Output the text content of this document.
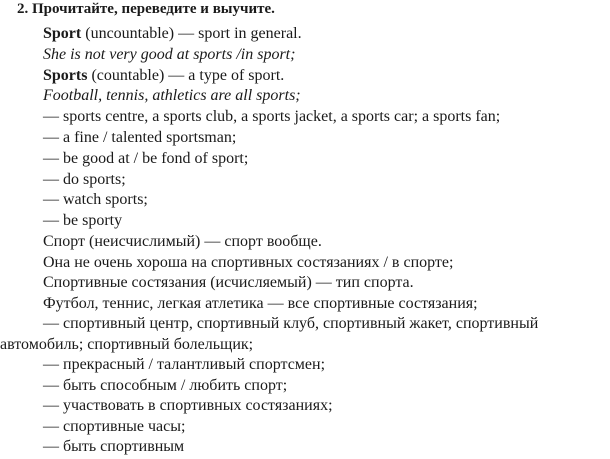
2. Прочитайте, переведите и выучите.
Sport (uncountable) — sport in general.
She is not very good at sports /in sport;
Sports (countable) — a type of sport.
Football, tennis, athletics are all sports;
— sports centre, a sports club, a sports jacket, a sports car; a sports fan;
— a fine / talented sportsman;
— be good at / be fond of sport;
— do sports;
— watch sports;
— be sporty
Спорт (неисчислимый) — спорт вообще.
Она не очень хороша на спортивных состязаниях / в спорте;
Спортивные состязания (исчисляемый) — тип спорта.
Футбол, теннис, легкая атлетика — все спортивные состязания;
— спортивный центр, спортивный клуб, спортивный жакет, спортивный автомобиль; спортивный болельщик;
— прекрасный / талантливый спортсмен;
— быть способным / любить спорт;
— участвовать в спортивных состязаниях;
— спортивные часы;
— быть спортивным
